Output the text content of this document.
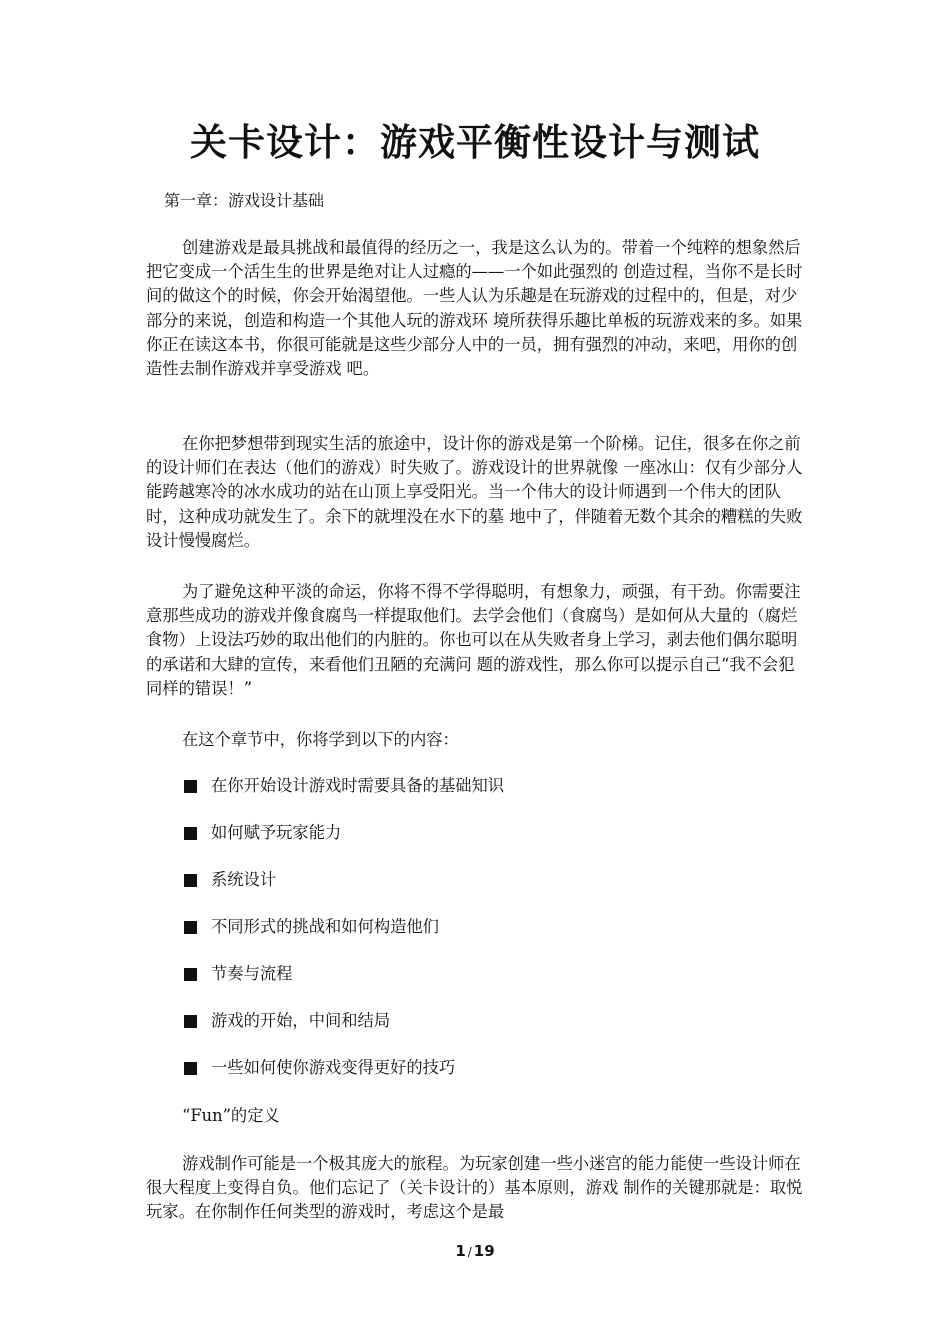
关卡设计：游戏平衡性设计与测试

第一章：游戏设计基础

创建游戏是最具挑战和最值得的经历之一，我是这么认为的。带着一个纯粹的想象然后把它变成一个活生生的世界是绝对让人过瘾的——一个如此强烈的 创造过程，当你不是长时间的做这个的时候，你会开始渴望他。一些人认为乐趣是在玩游戏的过程中的，但是，对少部分的来说，创造和构造一个其他人玩的游戏环 境所获得乐趣比单板的玩游戏来的多。如果你正在读这本书，你很可能就是这些少部分人中的一员，拥有强烈的冲动，来吧，用你的创造性去制作游戏并享受游戏 吧。

在你把梦想带到现实生活的旅途中，设计你的游戏是第一个阶梯。记住，很多在你之前的设计师们在表达（他们的游戏）时失败了。游戏设计的世界就像 一座冰山：仅有少部分人能跨越寒冷的冰水成功的站在山顶上享受阳光。当一个伟大的设计师遇到一个伟大的团队时，这种成功就发生了。余下的就埋没在水下的墓 地中了，伴随着无数个其余的糟糕的失败设计慢慢腐烂。

为了避免这种平淡的命运，你将不得不学得聪明，有想象力，顽强，有干劲。你需要注意那些成功的游戏并像食腐鸟一样提取他们。去学会他们（食腐鸟）是如何从大量的（腐烂食物）上设法巧妙的取出他们的内脏的。你也可以在从失败者身上学习，剥去他们偶尔聪明的承诺和大肆的宣传，来看他们丑陋的充满问 题的游戏性，那么你可以提示自己“我不会犯同样的错误！”

在这个章节中，你将学到以下的内容：

在你开始设计游戏时需要具备的基础知识
如何赋予玩家能力
系统设计
不同形式的挑战和如何构造他们
节奏与流程
游戏的开始，中间和结局
一些如何使你游戏变得更好的技巧

“Fun”的定义

游戏制作可能是一个极其庞大的旅程。为玩家创建一些小迷宫的能力能使一些设计师在很大程度上变得自负。他们忘记了（关卡设计的）基本原则，游戏 制作的关键那就是：取悦玩家。在你制作任何类型的游戏时，考虑这个是最

1 / 19
